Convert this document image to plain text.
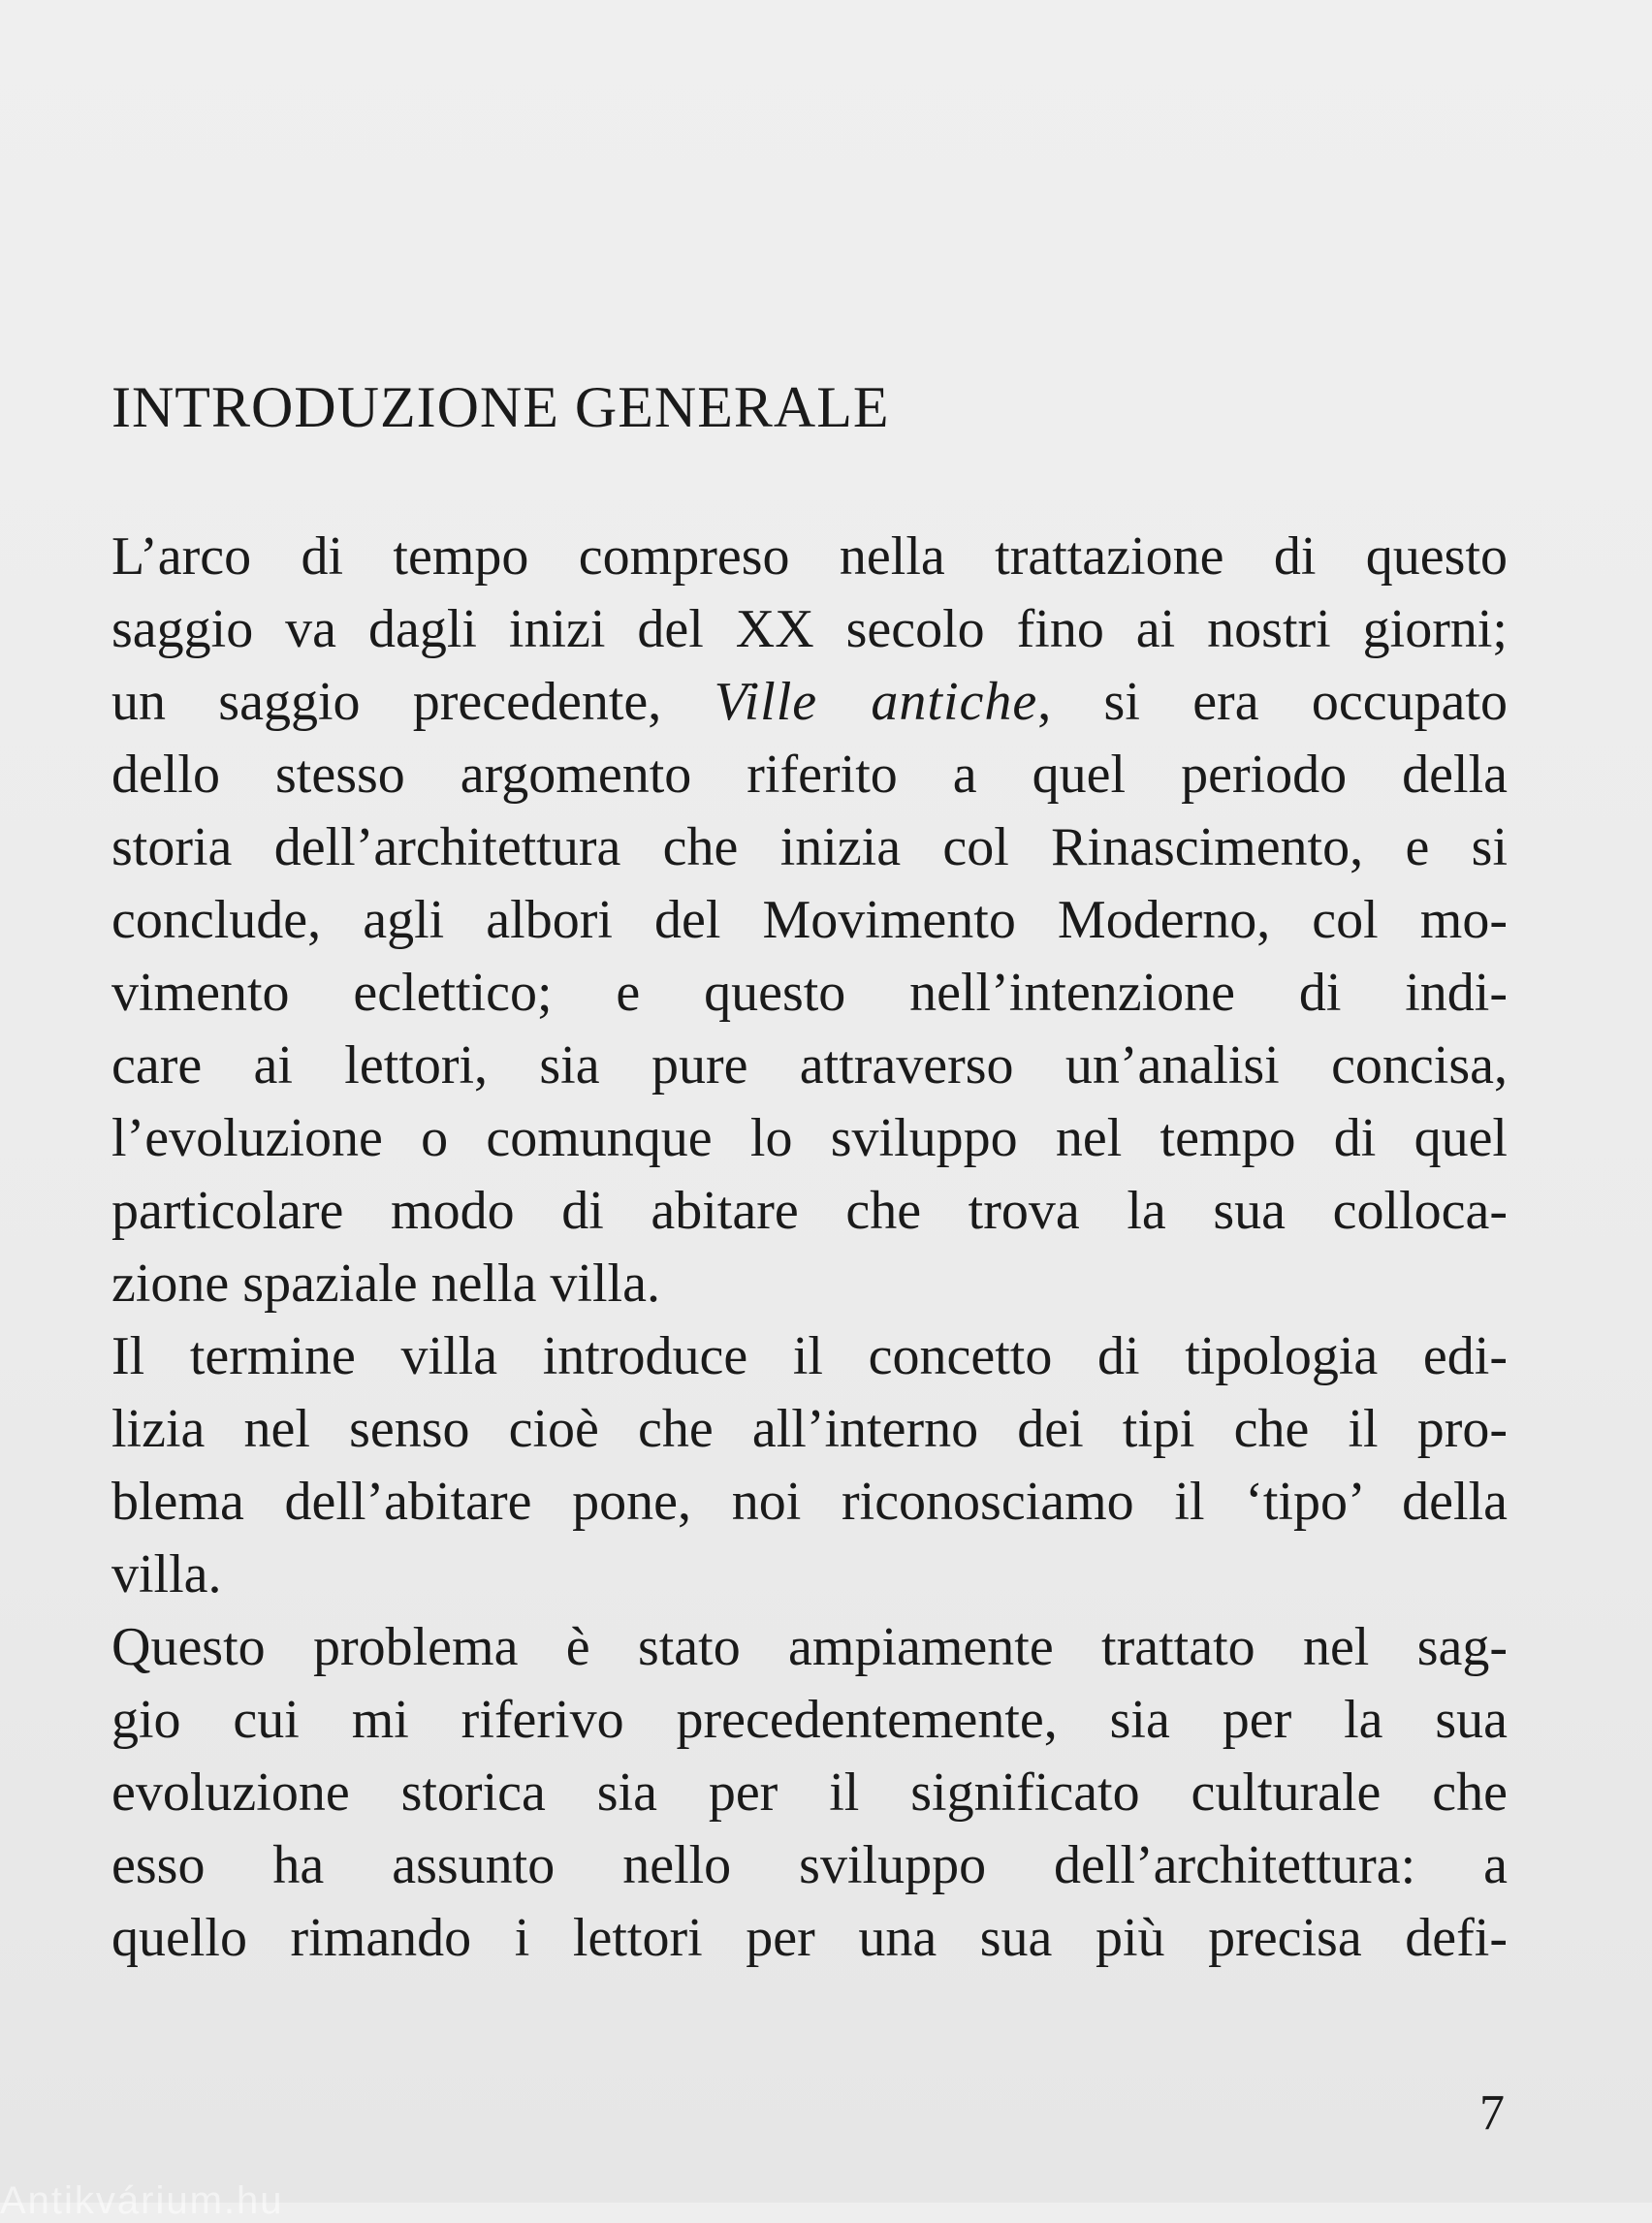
INTRODUZIONE GENERALE
L’arco di tempo compreso nella trattazione di questo
saggio va dagli inizi del XX secolo fino ai nostri giorni;
un saggio precedente, Ville antiche, si era occupato
dello stesso argomento riferito a quel periodo della
storia dell’architettura che inizia col Rinascimento, e si
conclude, agli albori del Movimento Moderno, col mo-
vimento eclettico; e questo nell’intenzione di indi-
care ai lettori, sia pure attraverso un’analisi concisa,
l’evoluzione o comunque lo sviluppo nel tempo di quel
particolare modo di abitare che trova la sua colloca-
zione spaziale nella villa.
Il termine villa introduce il concetto di tipologia edi-
lizia nel senso cioè che all’interno dei tipi che il pro-
blema dell’abitare pone, noi riconosciamo il ‘tipo’ della
villa.
Questo problema è stato ampiamente trattato nel sag-
gio cui mi riferivo precedentemente, sia per la sua
evoluzione storica sia per il significato culturale che
esso ha assunto nello sviluppo dell’architettura: a
quello rimando i lettori per una sua più precisa defi-
7
Antikvárium.hu
